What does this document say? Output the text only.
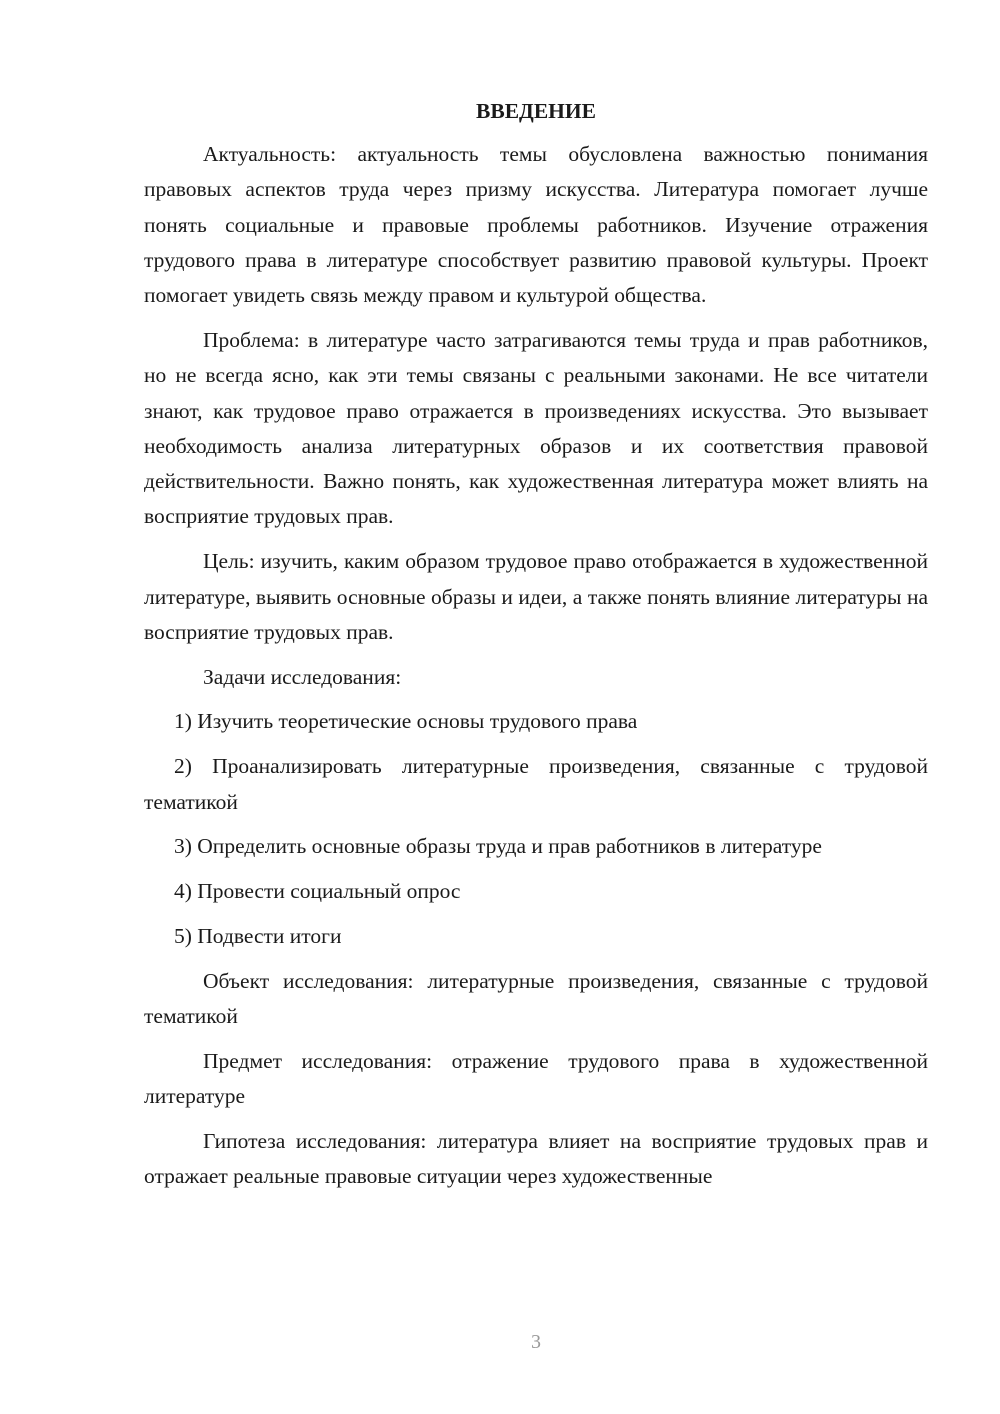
ВВЕДЕНИЕ

Актуальность: актуальность темы обусловлена важностью понимания правовых аспектов труда через призму искусства. Литература помогает лучше понять социальные и правовые проблемы работников. Изучение отражения трудового права в литературе способствует развитию правовой культуры. Проект помогает увидеть связь между правом и культурой общества.

Проблема: в литературе часто затрагиваются темы труда и прав работников, но не всегда ясно, как эти темы связаны с реальными законами. Не все читатели знают, как трудовое право отражается в произведениях искусства. Это вызывает необходимость анализа литературных образов и их соответствия правовой действительности. Важно понять, как художественная литература может влиять на восприятие трудовых прав.

Цель: изучить, каким образом трудовое право отображается в художественной литературе, выявить основные образы и идеи, а также понять влияние литературы на восприятие трудовых прав.

Задачи исследования:

1) Изучить теоретические основы трудового права

2) Проанализировать литературные произведения, связанные с трудовой тематикой

3) Определить основные образы труда и прав работников в литературе

4) Провести социальный опрос

5) Подвести итоги

Объект исследования: литературные произведения, связанные с трудовой тематикой

Предмет исследования: отражение трудового права в художественной литературе

Гипотеза исследования: литература влияет на восприятие трудовых прав и отражает реальные правовые ситуации через художественные

3
